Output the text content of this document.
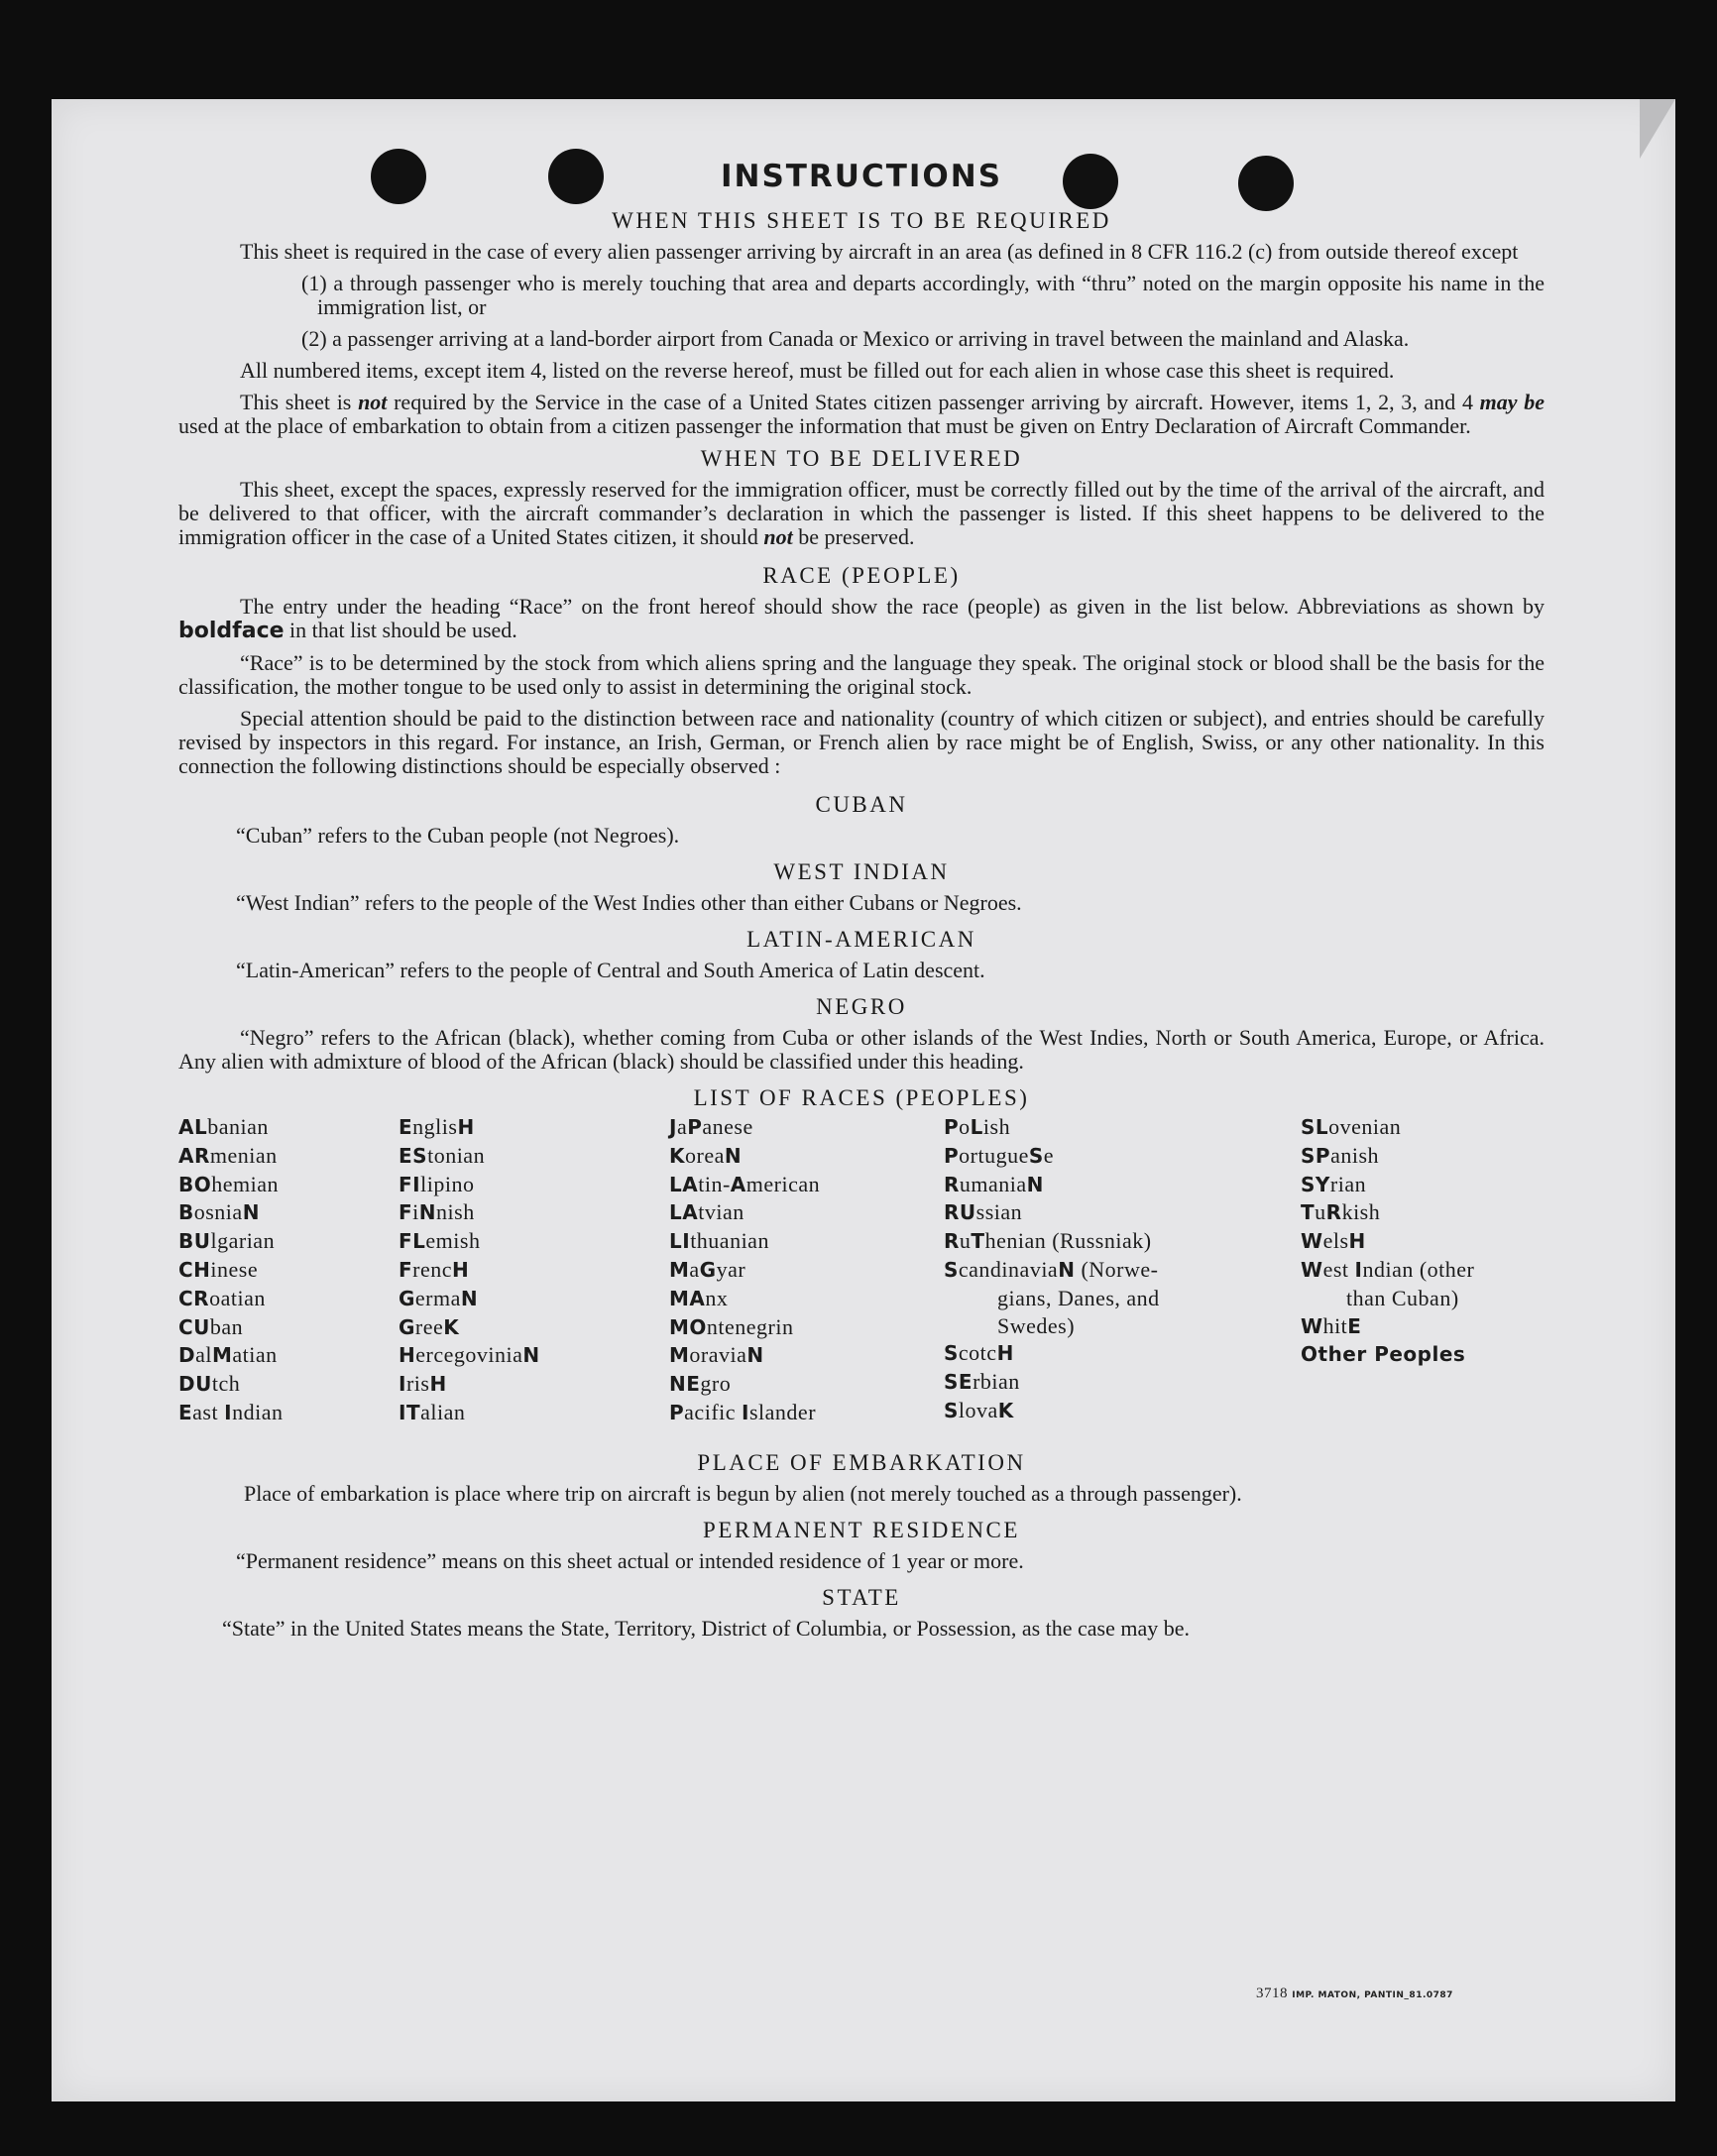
INSTRUCTIONS
WHEN THIS SHEET IS TO BE REQUIRED

This sheet is required in the case of every alien passenger arriving by aircraft in an area (as defined in 8 CFR 116.2 (c) from outside thereof except

(1) a through passenger who is merely touching that area and departs accordingly, with “thru” noted on the margin opposite his name in the immigration list, or

(2) a passenger arriving at a land-border airport from Canada or Mexico or arriving in travel between the mainland and Alaska.

All numbered items, except item 4, listed on the reverse hereof, must be filled out for each alien in whose case this sheet is required.

This sheet is not required by the Service in the case of a United States citizen passenger arriving by aircraft. However, items 1, 2, 3, and 4 may be used at the place of embarkation to obtain from a citizen passenger the information that must be given on Entry Declaration of Aircraft Commander.

WHEN TO BE DELIVERED

This sheet, except the spaces, expressly reserved for the immigration officer, must be correctly filled out by the time of the arrival of the aircraft, and be delivered to that officer, with the aircraft commander’s declaration in which the passenger is listed. If this sheet happens to be delivered to the immigration officer in the case of a United States citizen, it should not be preserved.

RACE (PEOPLE)

The entry under the heading “Race” on the front hereof should show the race (people) as given in the list below. Abbreviations as shown by boldface in that list should be used.

“Race” is to be determined by the stock from which aliens spring and the language they speak. The original stock or blood shall be the basis for the classification, the mother tongue to be used only to assist in determining the original stock.

Special attention should be paid to the distinction between race and nationality (country of which citizen or subject), and entries should be carefully revised by inspectors in this regard. For instance, an Irish, German, or French alien by race might be of English, Swiss, or any other nationality. In this connection the following distinctions should be especially observed :

CUBAN

“Cuban” refers to the Cuban people (not Negroes).

WEST INDIAN

“West Indian” refers to the people of the West Indies other than either Cubans or Negroes.

LATIN-AMERICAN

“Latin-American” refers to the people of Central and South America of Latin descent.

NEGRO

“Negro” refers to the African (black), whether coming from Cuba or other islands of the West Indies, North or South America, Europe, or Africa. Any alien with admixture of blood of the African (black) should be classified under this heading.

LIST OF RACES (PEOPLES)
ALbanian
ARmenian
BOhemian
BosniaN
BUlgarian
CHinese
CRoatian
CUban
DalMatian
DUtch
East Indian
EnglisH
EStonian
FIlipino
FiNnish
FLemish
FrencH
GermaN
GreeK
HercegoviniaN
IrisH
ITalian
JaPanese
KoreaN
LAtin-American
LAtvian
LIthuanian
MaGyar
MAnx
MOntenegrin
MoraviaN
NEgro
Pacific Islander
PoLish
PortugueSe
RumaniaN
RUssian
RuThenian (Russniak)
ScandinaviaN (Norwe-
gians, Danes, and
Swedes)
ScotcH
SErbian
SlovaK
SLovenian
SPanish
SYrian
TuRkish
WelsH
West Indian (other
than Cuban)
WhitE
Other Peoples
PLACE OF EMBARKATION

Place of embarkation is place where trip on aircraft is begun by alien (not merely touched as a through passenger).

PERMANENT RESIDENCE

“Permanent residence” means on this sheet actual or intended residence of 1 year or more.

STATE

“State” in the United States means the State, Territory, District of Columbia, or Possession, as the case may be.

3718 IMP. MATON, PANTIN_81.0787
